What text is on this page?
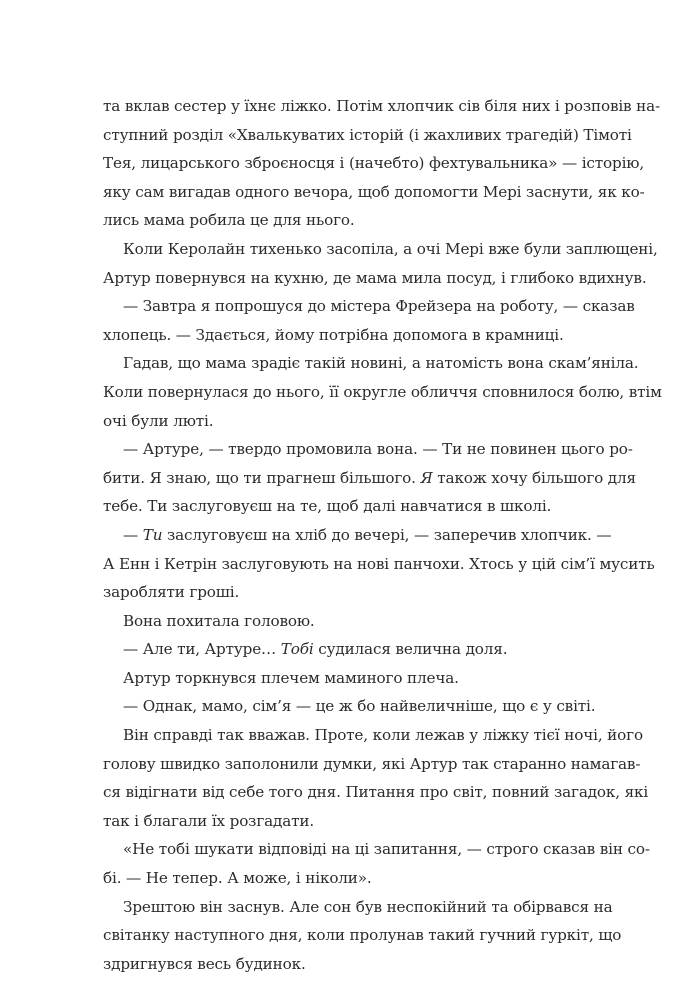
та вклав сестер у їхнє ліжко. Потім хлопчик сів біля них і розповів на-
ступний розділ «Хвалькуватих історій (і жахливих трагедій) Тімоті
Тея, лицарського зброєносця і (начебто) фехтувальника» — історію,
яку сам вигадав одного вечора, щоб допомогти Мері заснути, як ко-
лись мама робила це для нього.
Коли Керолайн тихенько засопіла, а очі Мері вже були заплющені,
Артур повернувся на кухню, де мама мила посуд, і глибоко вдихнув.
— Завтра я попрошуся до містера Фрейзера на роботу, — сказав
хлопець. — Здається, йому потрібна допомога в крамниці.
Гадав, що мама зрадіє такій новині, а натомість вона скам’яніла.
Коли повернулася до нього, її округле обличчя сповнилося болю, втім
очі були люті.
— Артуре, — твердо промовила вона. — Ти не повинен цього ро-
бити. Я знаю, що ти прагнеш більшого. Я також хочу більшого для
тебе. Ти заслуговуєш на те, щоб далі навчатися в школі.
— Ти заслуговуєш на хліб до вечері, — заперечив хлопчик. —
А Енн і Кетрін заслуговують на нові панчохи. Хтось у цій сім’ї мусить
заробляти гроші.
Вона похитала головою.
— Але ти, Артуре… Тобі судилася велична доля.
Артур торкнувся плечем маминого плеча.
— Однак, мамо, сім’я — це ж бо найвеличніше, що є у світі.
Він справді так вважав. Проте, коли лежав у ліжку тієї ночі, його
голову швидко заполонили думки, які Артур так старанно намагав-
ся відігнати від себе того дня. Питання про світ, повний загадок, які
так і благали їх розгадати.
«Не тобі шукати відповіді на ці запитання, — строго сказав він со-
бі. — Не тепер. А може, і ніколи».
Зрештою він заснув. Але сон був неспокійний та обірвався на
світанку наступного дня, коли пролунав такий гучний гуркіт, що
здригнувся весь будинок.
